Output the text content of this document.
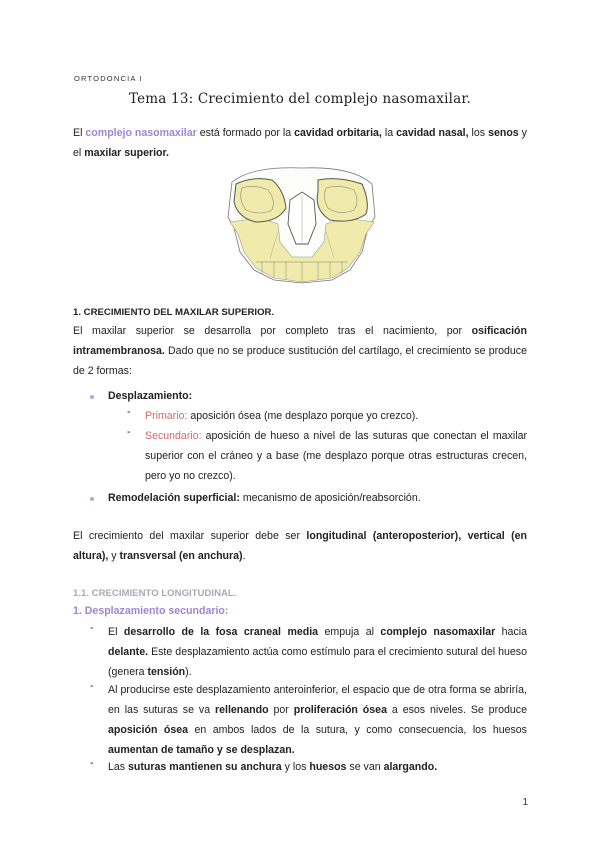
ORTODONCIA I
Tema 13: Crecimiento del complejo nasomaxilar.

El complejo nasomaxilar está formado por la cavidad orbitaria, la cavidad nasal, los senos y el maxilar superior.

1. CRECIMIENTO DEL MAXILAR SUPERIOR.

El maxilar superior se desarrolla por completo tras el nacimiento, por osificación intramembranosa. Dado que no se produce sustitución del cartílago, el crecimiento se produce de 2 formas:

Desplazamiento:
-	Primario: aposición ósea (me desplazo porque yo crezco).

-	Secundario: aposición de hueso a nivel de las suturas que conectan el maxilar superior con el cráneo y a base (me desplazo porque otras estructuras crecen, pero yo no crezco).

Remodelación superficial: mecanismo de aposición/reabsorción.

El crecimiento del maxilar superior debe ser longitudinal (anteroposterior), vertical (en altura), y transversal (en anchura).

1.1. CRECIMIENTO LONGITUDINAL.
1. Desplazamiento secundario:
-	El desarrollo de la fosa craneal media empuja al complejo nasomaxilar hacia delante. Este desplazamiento actúa como estímulo para el crecimiento sutural del hueso (genera tensión).

-	Al producirse este desplazamiento anteroinferior, el espacio que de otra forma se abriría, en las suturas se va rellenando por proliferación ósea a esos niveles. Se produce aposición ósea en ambos lados de la sutura, y como consecuencia, los huesos aumentan de tamaño y se desplazan.

-	Las suturas mantienen su anchura y los huesos se van alargando.

1
